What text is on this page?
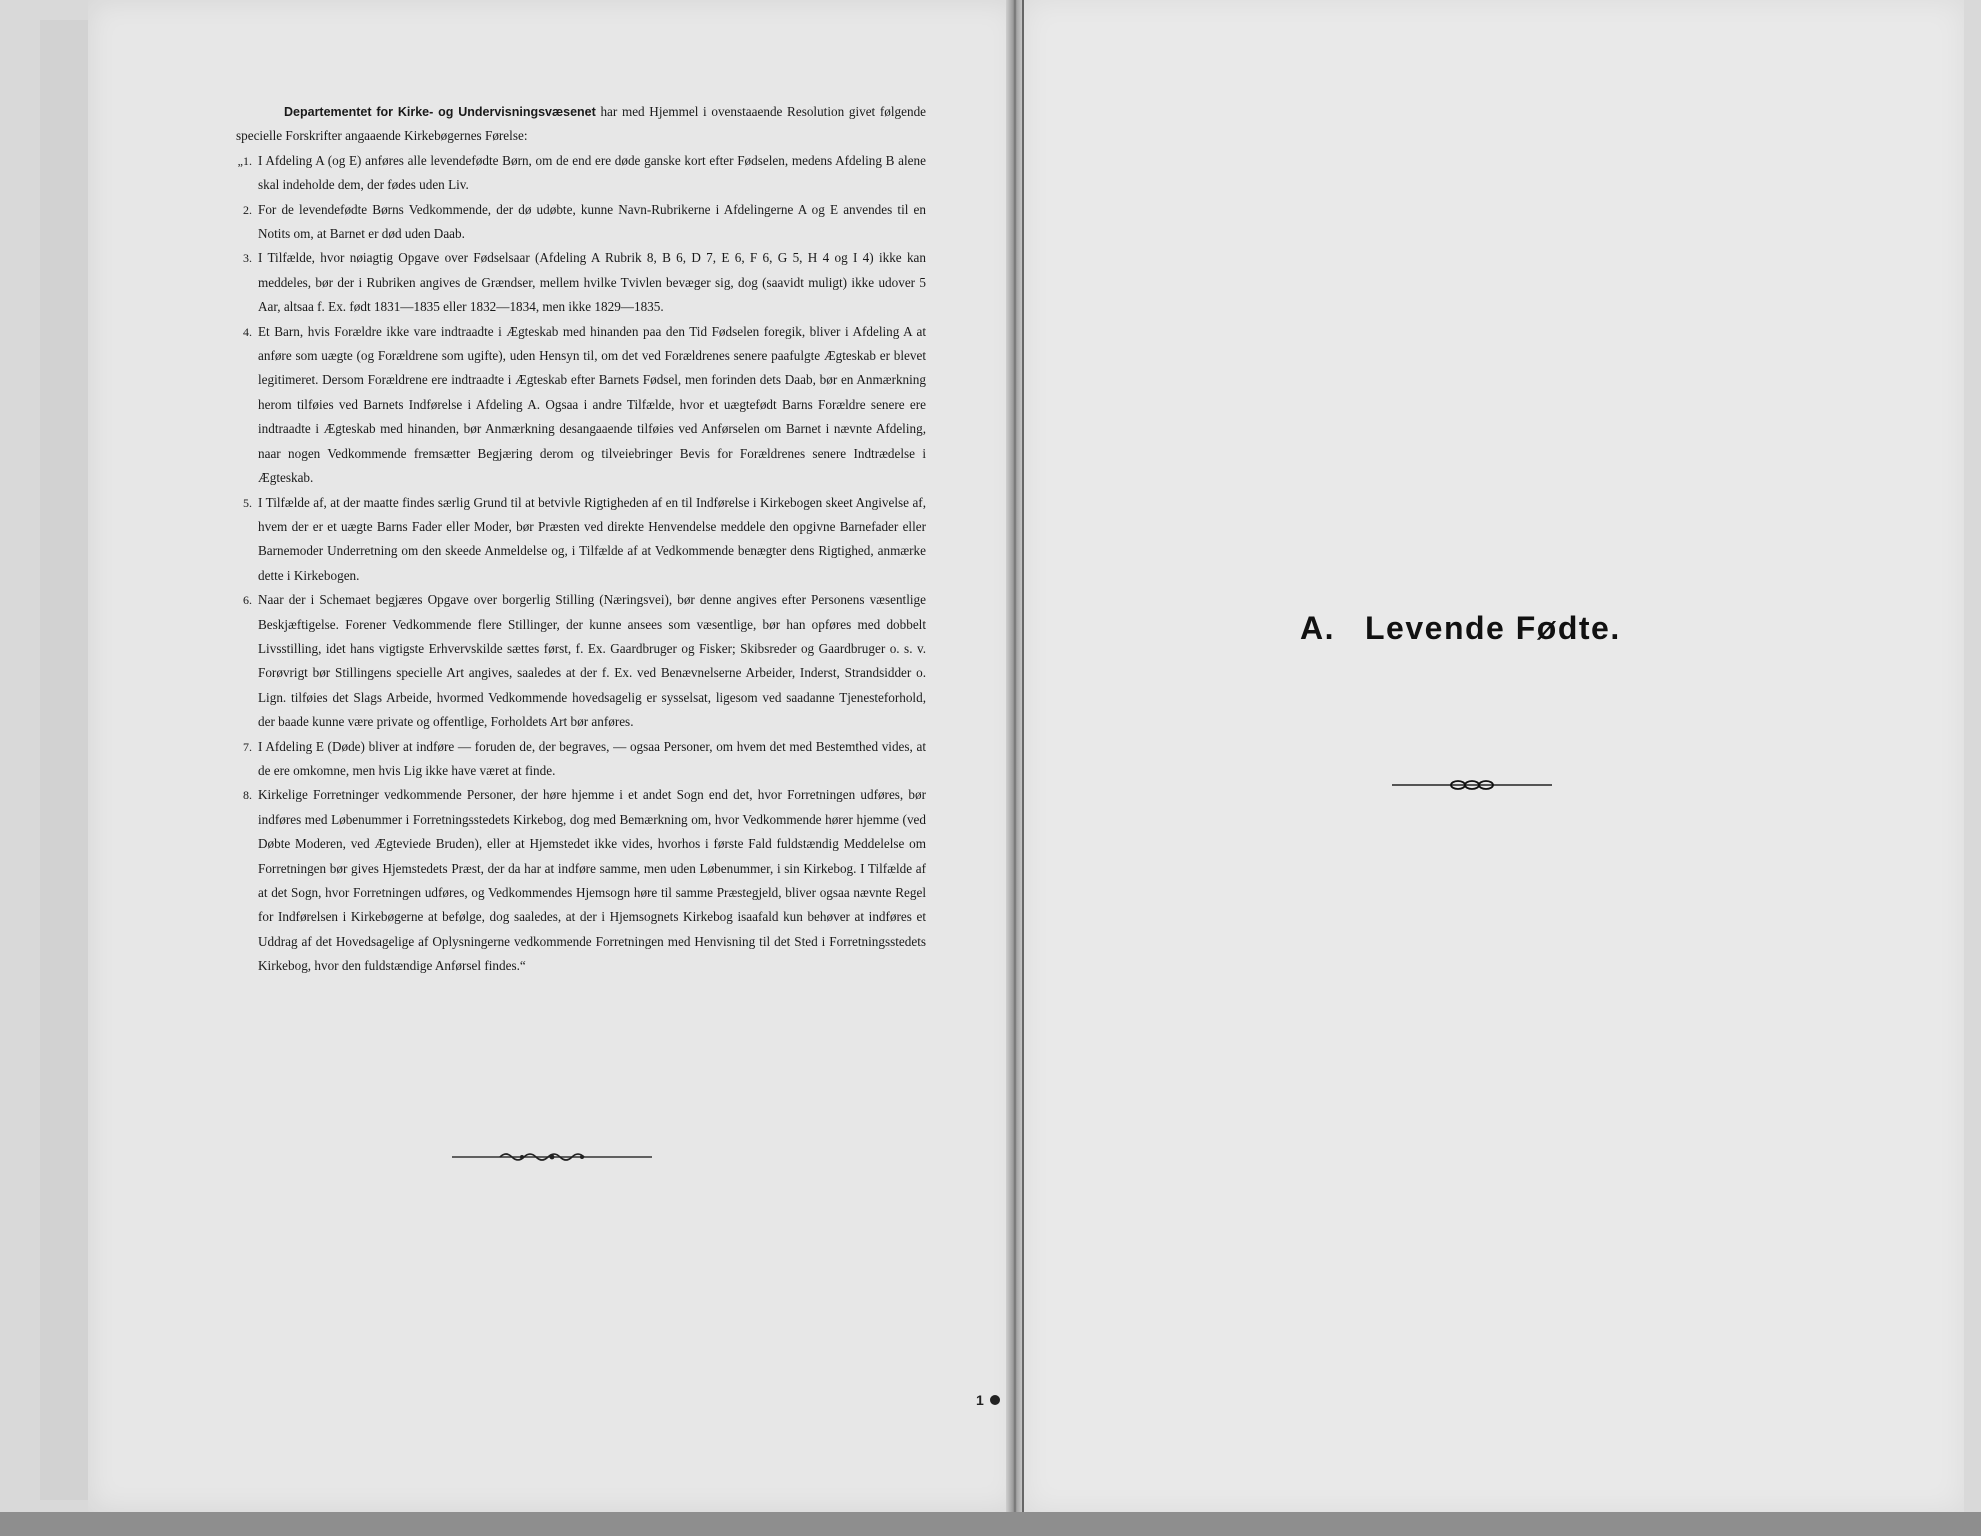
Departementet for Kirke- og Undervisningsvæsenet har med Hjemmel i ovenstaaende Resolution givet følgende specielle Forskrifter angaaende Kirkebøgernes Førelse:

„1. I Afdeling A (og E) anføres alle levendefødte Børn, om de end ere døde ganske kort efter Fødselen, medens Afdeling B alene skal indeholde dem, der fødes uden Liv.

2. For de levendefødte Børns Vedkommende, der dø udøbte, kunne Navn-Rubrikerne i Afdelingerne A og E anvendes til en Notits om, at Barnet er død uden Daab.

3. I Tilfælde, hvor nøiagtig Opgave over Fødselsaar (Afdeling A Rubrik 8, B 6, D 7, E 6, F 6, G 5, H 4 og I 4) ikke kan meddeles, bør der i Rubriken angives de Grændser, mellem hvilke Tvivlen bevæger sig, dog (saavidt muligt) ikke udover 5 Aar, altsaa f. Ex. født 1831—1835 eller 1832—1834, men ikke 1829—1835.

4. Et Barn, hvis Forældre ikke vare indtraadte i Ægteskab med hinanden paa den Tid Fødselen foregik, bliver i Afdeling A at anføre som uægte (og Forældrene som ugifte), uden Hensyn til, om det ved Forældrenes senere paafulgte Ægteskab er blevet legitimeret. Dersom Forældrene ere indtraadte i Ægteskab efter Barnets Fødsel, men forinden dets Daab, bør en Anmærkning herom tilføies ved Barnets Indførelse i Afdeling A. Ogsaa i andre Tilfælde, hvor et uægtefødt Barns Forældre senere ere indtraadte i Ægteskab med hinanden, bør Anmærkning desangaaende tilføies ved Anførselen om Barnet i nævnte Afdeling, naar nogen Vedkommende fremsætter Begjæring derom og tilveiebringer Bevis for Forældrenes senere Indtrædelse i Ægteskab.

5. I Tilfælde af, at der maatte findes særlig Grund til at betvivle Rigtigheden af en til Indførelse i Kirkebogen skeet Angivelse af, hvem der er et uægte Barns Fader eller Moder, bør Præsten ved direkte Henvendelse meddele den opgivne Barnefader eller Barnemoder Underretning om den skeede Anmeldelse og, i Tilfælde af at Vedkommende benægter dens Rigtighed, anmærke dette i Kirkebogen.

6. Naar der i Schemaet begjæres Opgave over borgerlig Stilling (Næringsvei), bør denne angives efter Personens væsentlige Beskjæftigelse. Forener Vedkommende flere Stillinger, der kunne ansees som væsentlige, bør han opføres med dobbelt Livsstilling, idet hans vigtigste Erhvervskilde sættes først, f. Ex. Gaardbruger og Fisker; Skibsreder og Gaardbruger o. s. v. Forøvrigt bør Stillingens specielle Art angives, saaledes at der f. Ex. ved Benævnelserne Arbeider, Inderst, Strandsidder o. Lign. tilføies det Slags Arbeide, hvormed Vedkommende hovedsagelig er sysselsat, ligesom ved saadanne Tjenesteforhold, der baade kunne være private og offentlige, Forholdets Art bør anføres.

7. I Afdeling E (Døde) bliver at indføre — foruden de, der begraves, — ogsaa Personer, om hvem det med Bestemthed vides, at de ere omkomne, men hvis Lig ikke have været at finde.

8. Kirkelige Forretninger vedkommende Personer, der høre hjemme i et andet Sogn end det, hvor Forretningen udføres, bør indføres med Løbenummer i Forretningsstedets Kirkebog, dog med Bemærkning om, hvor Vedkommende hører hjemme (ved Døbte Moderen, ved Ægteviede Bruden), eller at Hjemstedet ikke vides, hvorhos i første Fald fuldstændig Meddelelse om Forretningen bør gives Hjemstedets Præst, der da har at indføre samme, men uden Løbenummer, i sin Kirkebog. I Tilfælde af at det Sogn, hvor Forretningen udføres, og Vedkommendes Hjemsogn høre til samme Præstegjeld, bliver ogsaa nævnte Regel for Indførelsen i Kirkebøgerne at befølge, dog saaledes, at der i Hjemsognets Kirkebog isaafald kun behøver at indføres et Uddrag af det Hovedsagelige af Oplysningerne vedkommende Forretningen med Henvisning til det Sted i Forretningsstedets Kirkebog, hvor den fuldstændige Anførsel findes.“

A. Levende Fødte.
1
